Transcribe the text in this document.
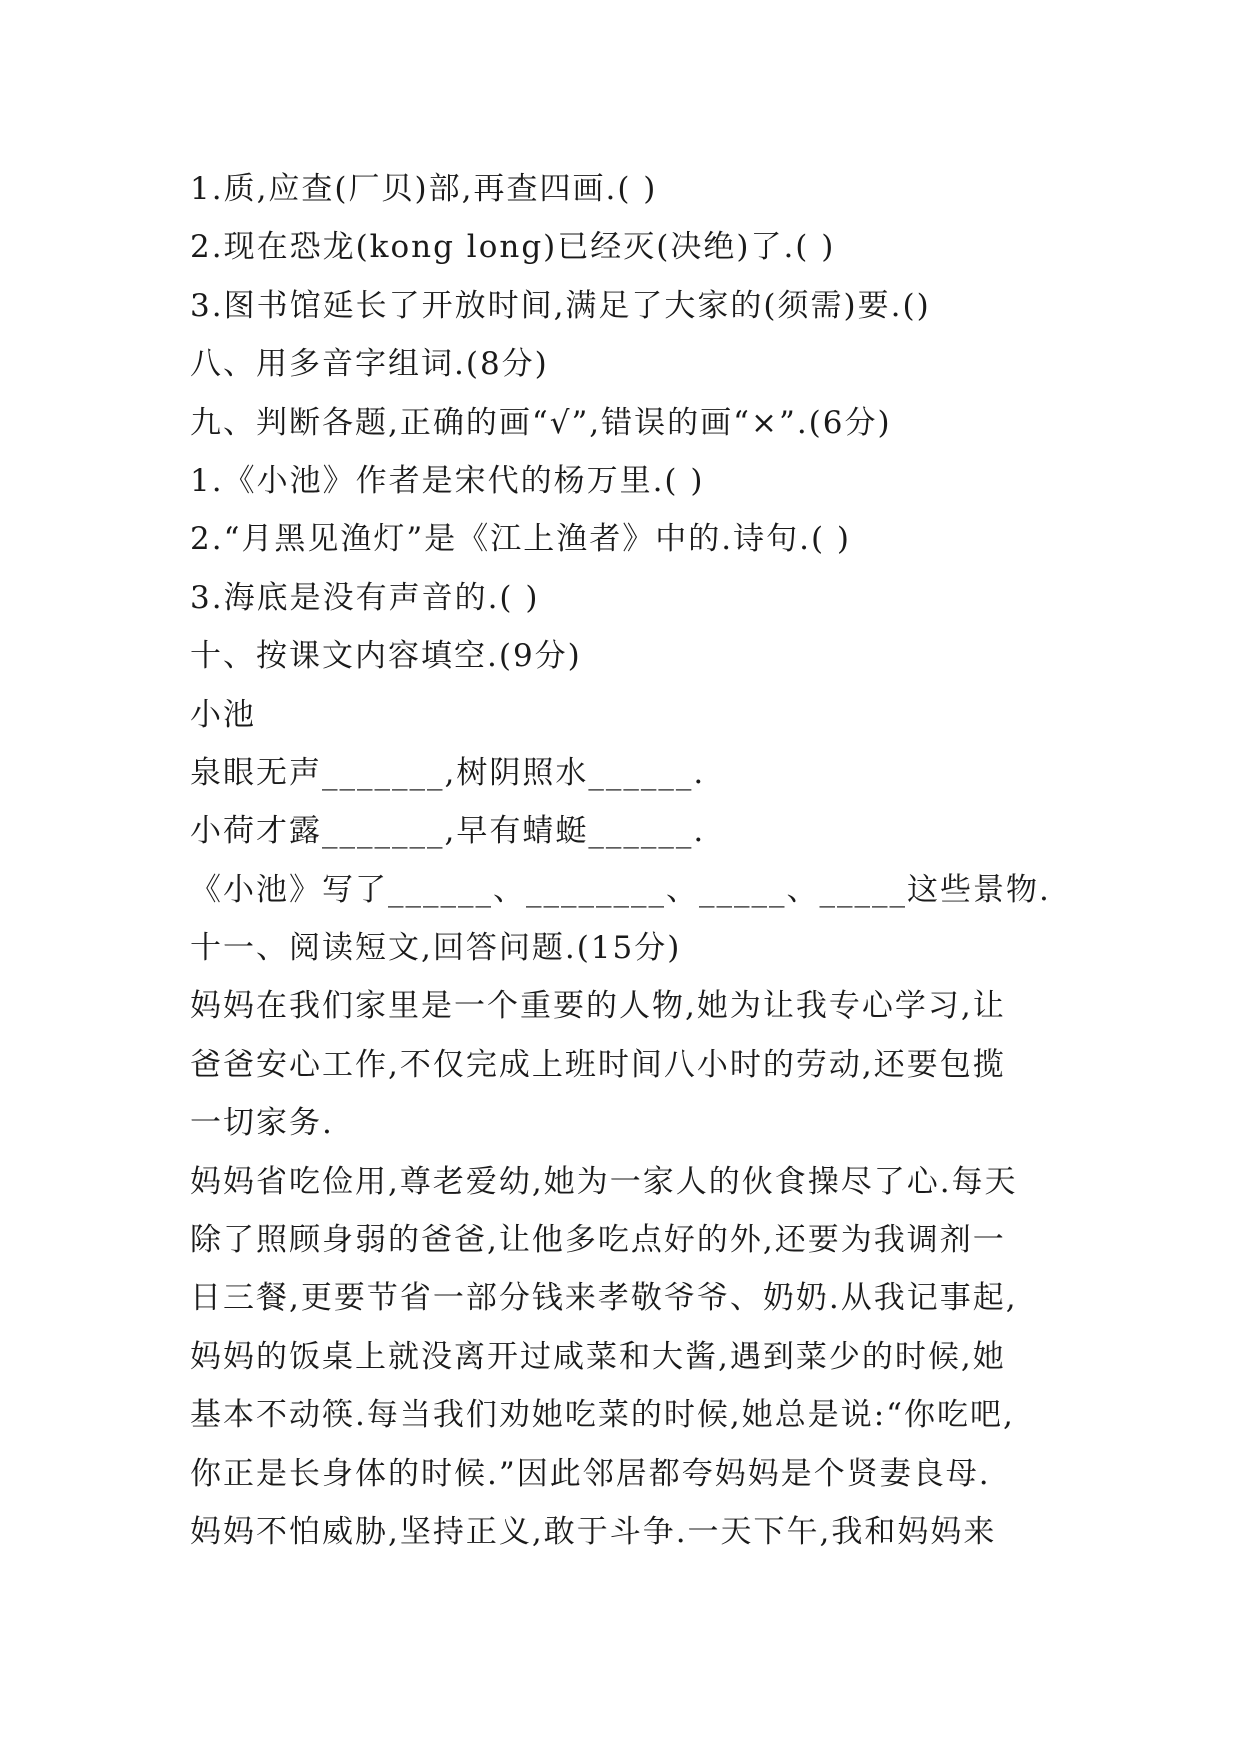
1.质,应查(厂贝)部,再查四画.( )
2.现在恐龙(kong long)已经灭(决绝)了.( )
3.图书馆延长了开放时间,满足了大家的(须需)要.()
八、用多音字组词.(8分)
九、判断各题,正确的画“√”,错误的画“×”.(6分)
1.《小池》作者是宋代的杨万里.( )
2.“月黑见渔灯”是《江上渔者》中的.诗句.( )
3.海底是没有声音的.( )
十、按课文内容填空.(9分)
小池
泉眼无声_______,树阴照水______.
小荷才露_______,早有蜻蜓______.
《小池》写了______、________、_____、_____这些景物.
十一、阅读短文,回答问题.(15分)
妈妈在我们家里是一个重要的人物,她为让我专心学习,让
爸爸安心工作,不仅完成上班时间八小时的劳动,还要包揽
一切家务.
妈妈省吃俭用,尊老爱幼,她为一家人的伙食操尽了心.每天
除了照顾身弱的爸爸,让他多吃点好的外,还要为我调剂一
日三餐,更要节省一部分钱来孝敬爷爷、奶奶.从我记事起,
妈妈的饭桌上就没离开过咸菜和大酱,遇到菜少的时候,她
基本不动筷.每当我们劝她吃菜的时候,她总是说:“你吃吧,
你正是长身体的时候.”因此邻居都夸妈妈是个贤妻良母.
妈妈不怕威胁,坚持正义,敢于斗争.一天下午,我和妈妈来
